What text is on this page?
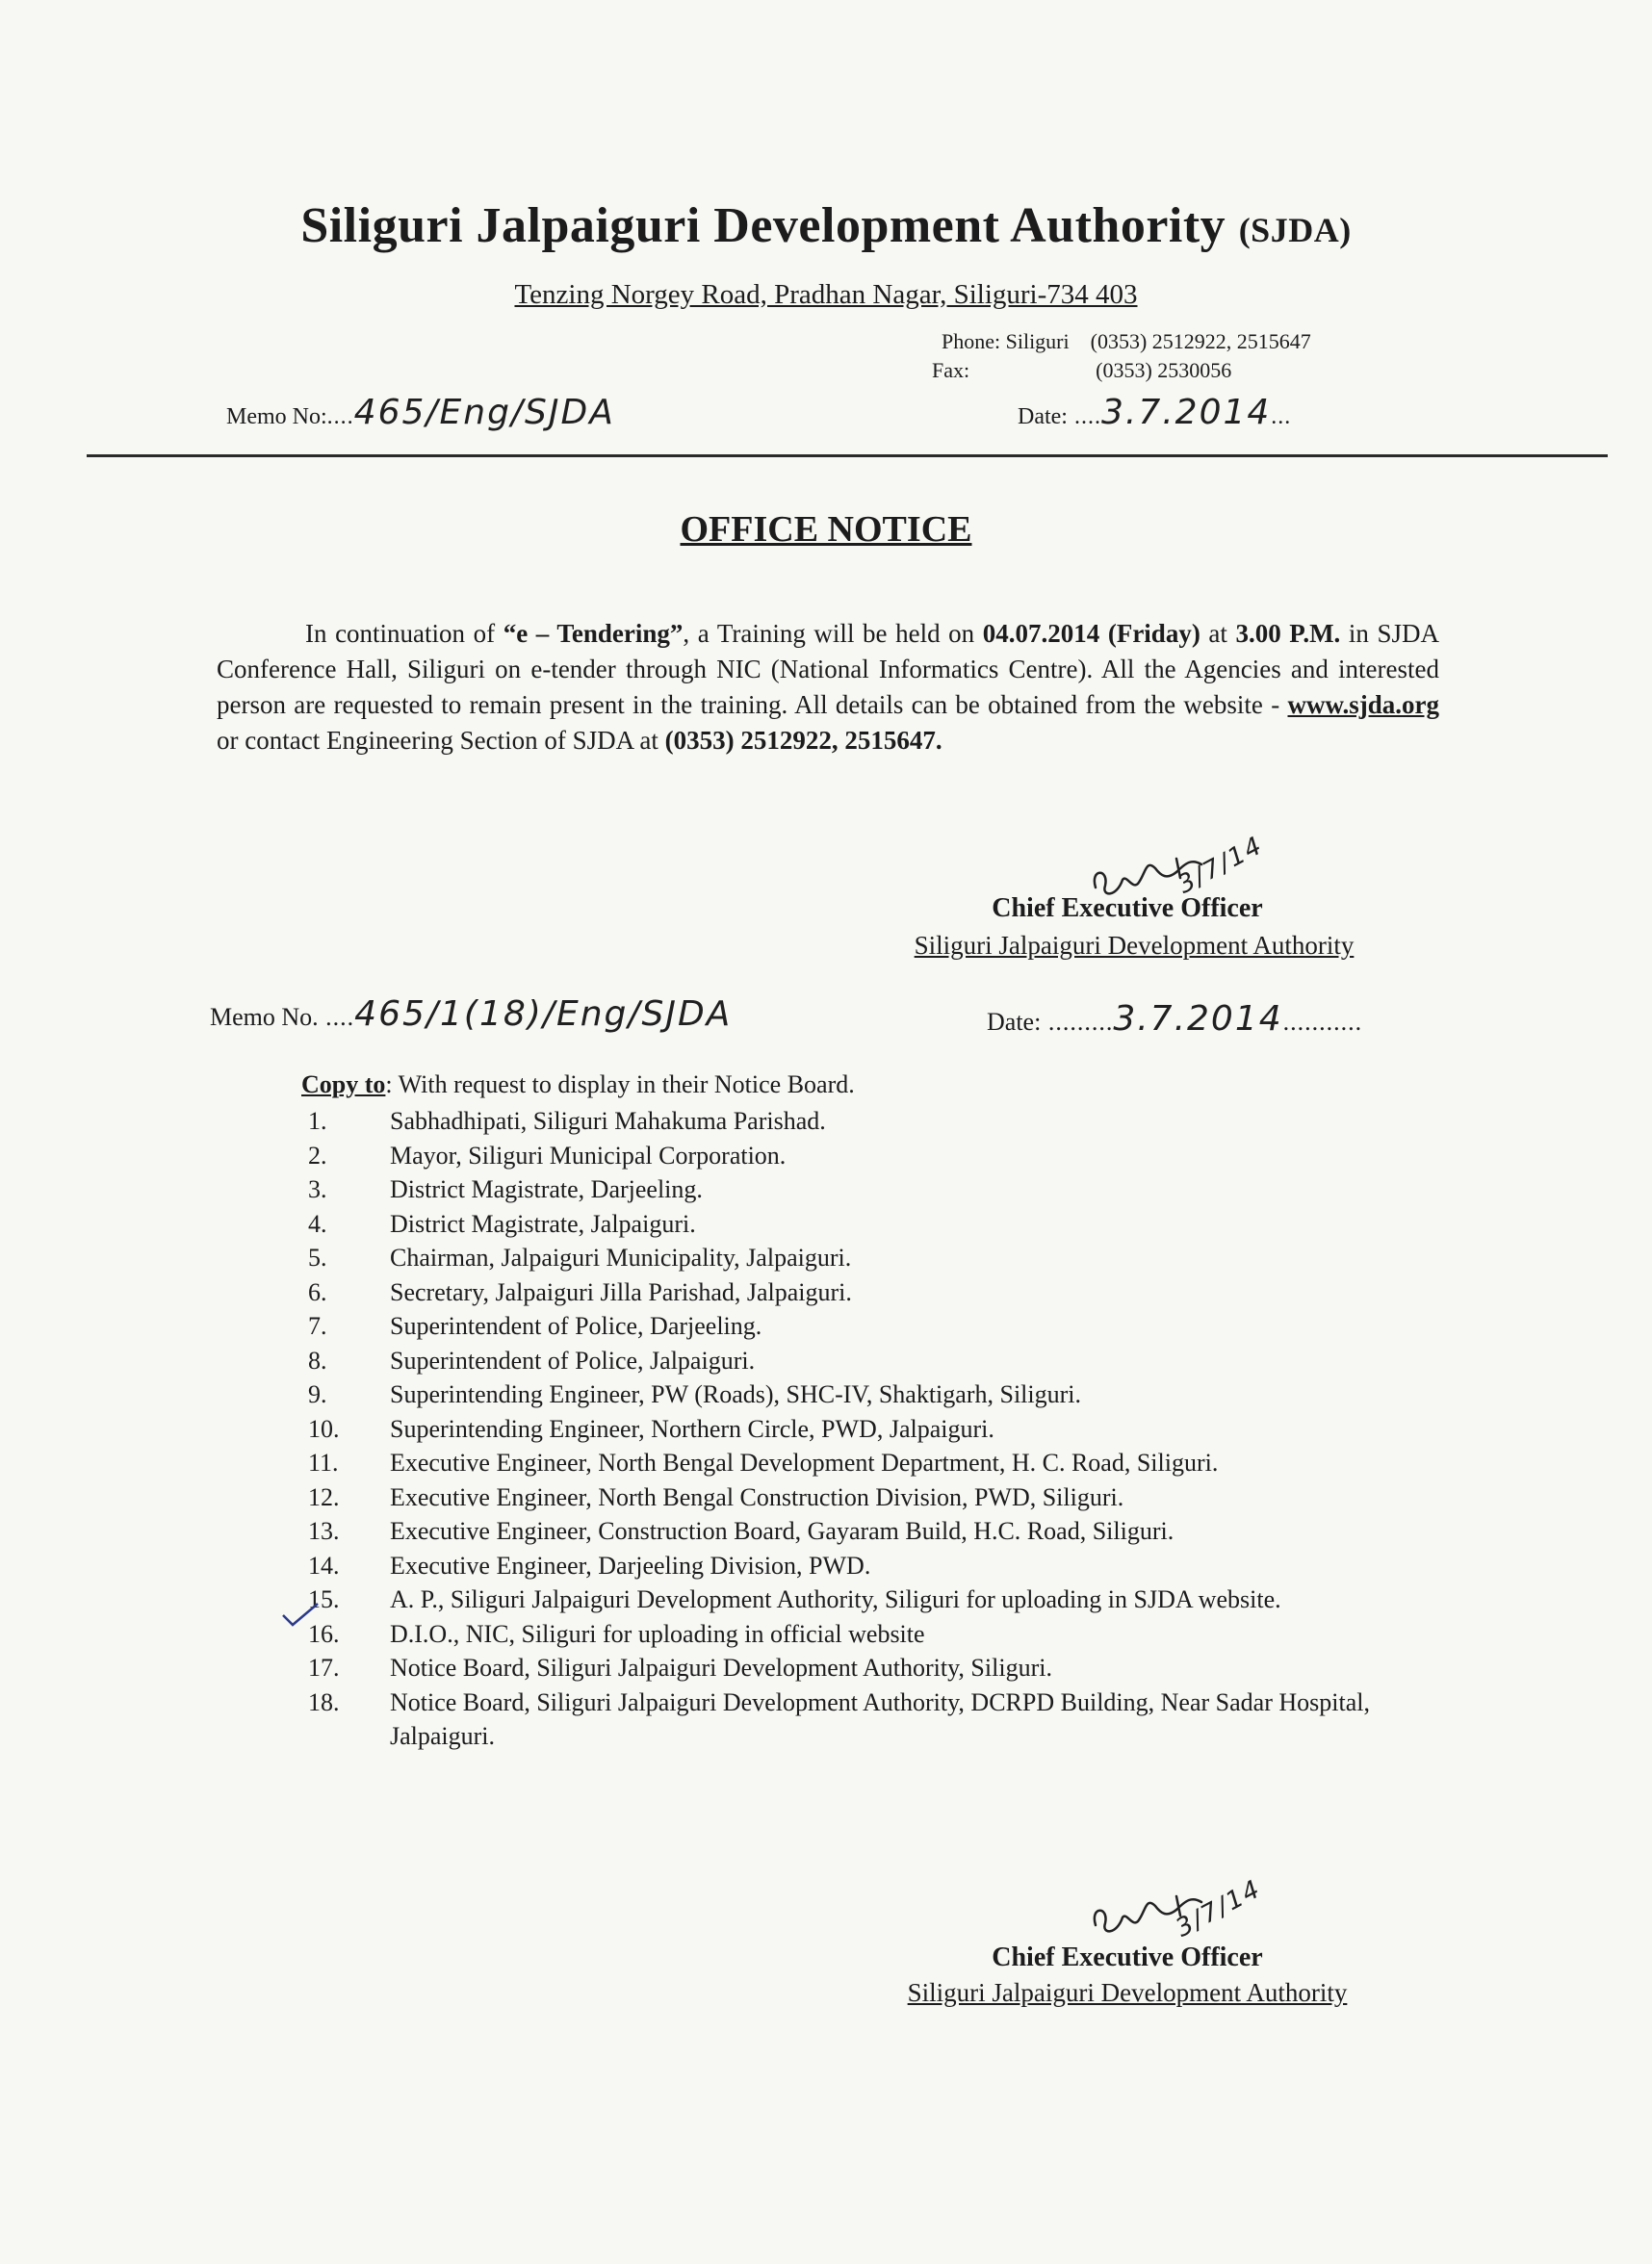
Siliguri Jalpaiguri Development Authority (SJDA)
Tenzing Norgey Road, Pradhan Nagar, Siliguri-734 403
Phone: Siliguri (0353) 2512922, 2515647
Fax:	(0353) 2530056
Memo No:....465/Eng/SJDA	Date: ....3.7.2014...
OFFICE NOTICE

In continuation of “e – Tendering”, a Training will be held on 04.07.2014 (Friday) at 3.00 P.M. in SJDA Conference Hall, Siliguri on e-tender through NIC (National Informatics Centre). All the Agencies and interested person are requested to remain present in the training. All details can be obtained from the website - www.sjda.org or contact Engineering Section of SJDA at (0353) 2512922, 2515647.

3/7/14
Chief Executive Officer
Siliguri Jalpaiguri Development Authority
Memo No. ....465/1(18)/Eng/SJDA	Date: .........3.7.2014...........
Copy to: With request to display in their Notice Board.
1.	Sabhadhipati, Siliguri Mahakuma Parishad.
2.	Mayor, Siliguri Municipal Corporation.
3.	District Magistrate, Darjeeling.
4.	District Magistrate, Jalpaiguri.
5.	Chairman, Jalpaiguri Municipality, Jalpaiguri.
6.	Secretary, Jalpaiguri Jilla Parishad, Jalpaiguri.
7.	Superintendent of Police, Darjeeling.
8.	Superintendent of Police, Jalpaiguri.
9.	Superintending Engineer, PW (Roads), SHC-IV, Shaktigarh, Siliguri.
10.	Superintending Engineer, Northern Circle, PWD, Jalpaiguri.
11.	Executive Engineer, North Bengal Development Department, H. C. Road, Siliguri.
12.	Executive Engineer, North Bengal Construction Division, PWD, Siliguri.
13.	Executive Engineer, Construction Board, Gayaram Build, H.C. Road, Siliguri.
14.	Executive Engineer, Darjeeling Division, PWD.
15.	A. P., Siliguri Jalpaiguri Development Authority, Siliguri for uploading in SJDA website.
16.	D.I.O., NIC, Siliguri for uploading in official website
17.	Notice Board, Siliguri Jalpaiguri Development Authority, Siliguri.
18.	Notice Board, Siliguri Jalpaiguri Development Authority, DCRPD Building, Near Sadar Hospital, Jalpaiguri.
3/7/14
Chief Executive Officer
Siliguri Jalpaiguri Development Authority
